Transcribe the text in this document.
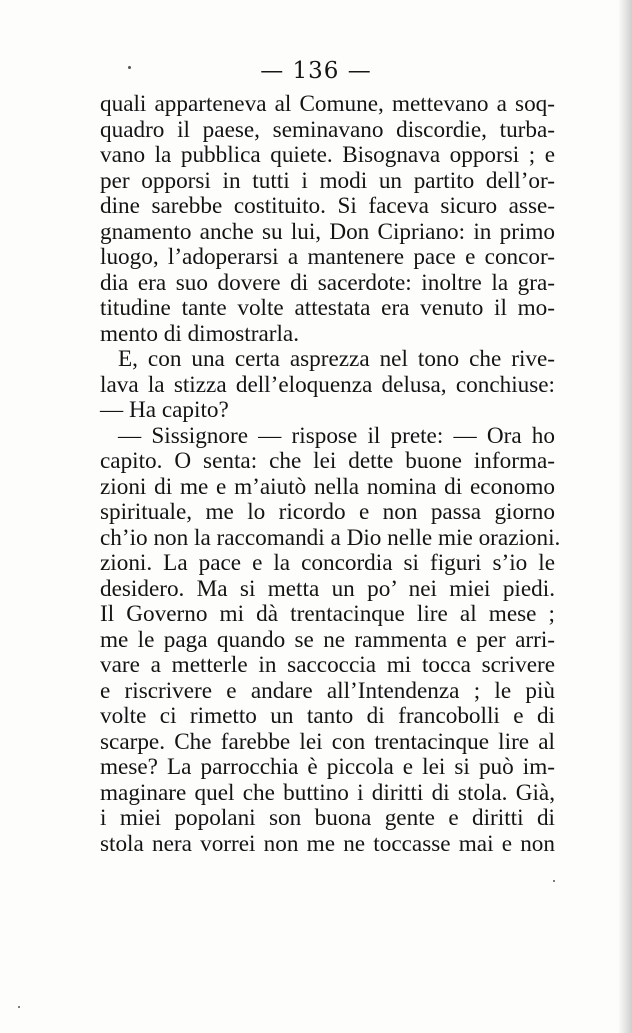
— 136 —
quali apparteneva al Comune, mettevano a soq-
quadro il paese, seminavano discordie, turba-
vano la pubblica quiete. Bisognava opporsi ; e
per opporsi in tutti i modi un partito dell’or-
dine sarebbe costituito. Si faceva sicuro asse-
gnamento anche su lui, Don Cipriano: in primo
luogo, l’adoperarsi a mantenere pace e concor-
dia era suo dovere di sacerdote: inoltre la gra-
titudine tante volte attestata era venuto il mo-
mento di dimostrarla.
E, con una certa asprezza nel tono che rive-
lava la stizza dell’eloquenza delusa, conchiuse:
— Ha capito?
— Sissignore — rispose il prete: — Ora ho
capito. O senta: che lei dette buone informa-
zioni di me e m’aiutò nella nomina di economo
spirituale, me lo ricordo e non passa giorno
ch’io non la raccomandi a Dio nelle mie orazioni.
zioni. La pace e la concordia si figuri s’io le
desidero. Ma si metta un po’ nei miei piedi.
Il Governo mi dà trentacinque lire al mese ;
me le paga quando se ne rammenta e per arri-
vare a metterle in saccoccia mi tocca scrivere
e riscrivere e andare all’Intendenza ; le più
volte ci rimetto un tanto di francobolli e di
scarpe. Che farebbe lei con trentacinque lire al
mese? La parrocchia è piccola e lei si può im-
maginare quel che buttino i diritti di stola. Già,
i miei popolani son buona gente e diritti di
stola nera vorrei non me ne toccasse mai e non
